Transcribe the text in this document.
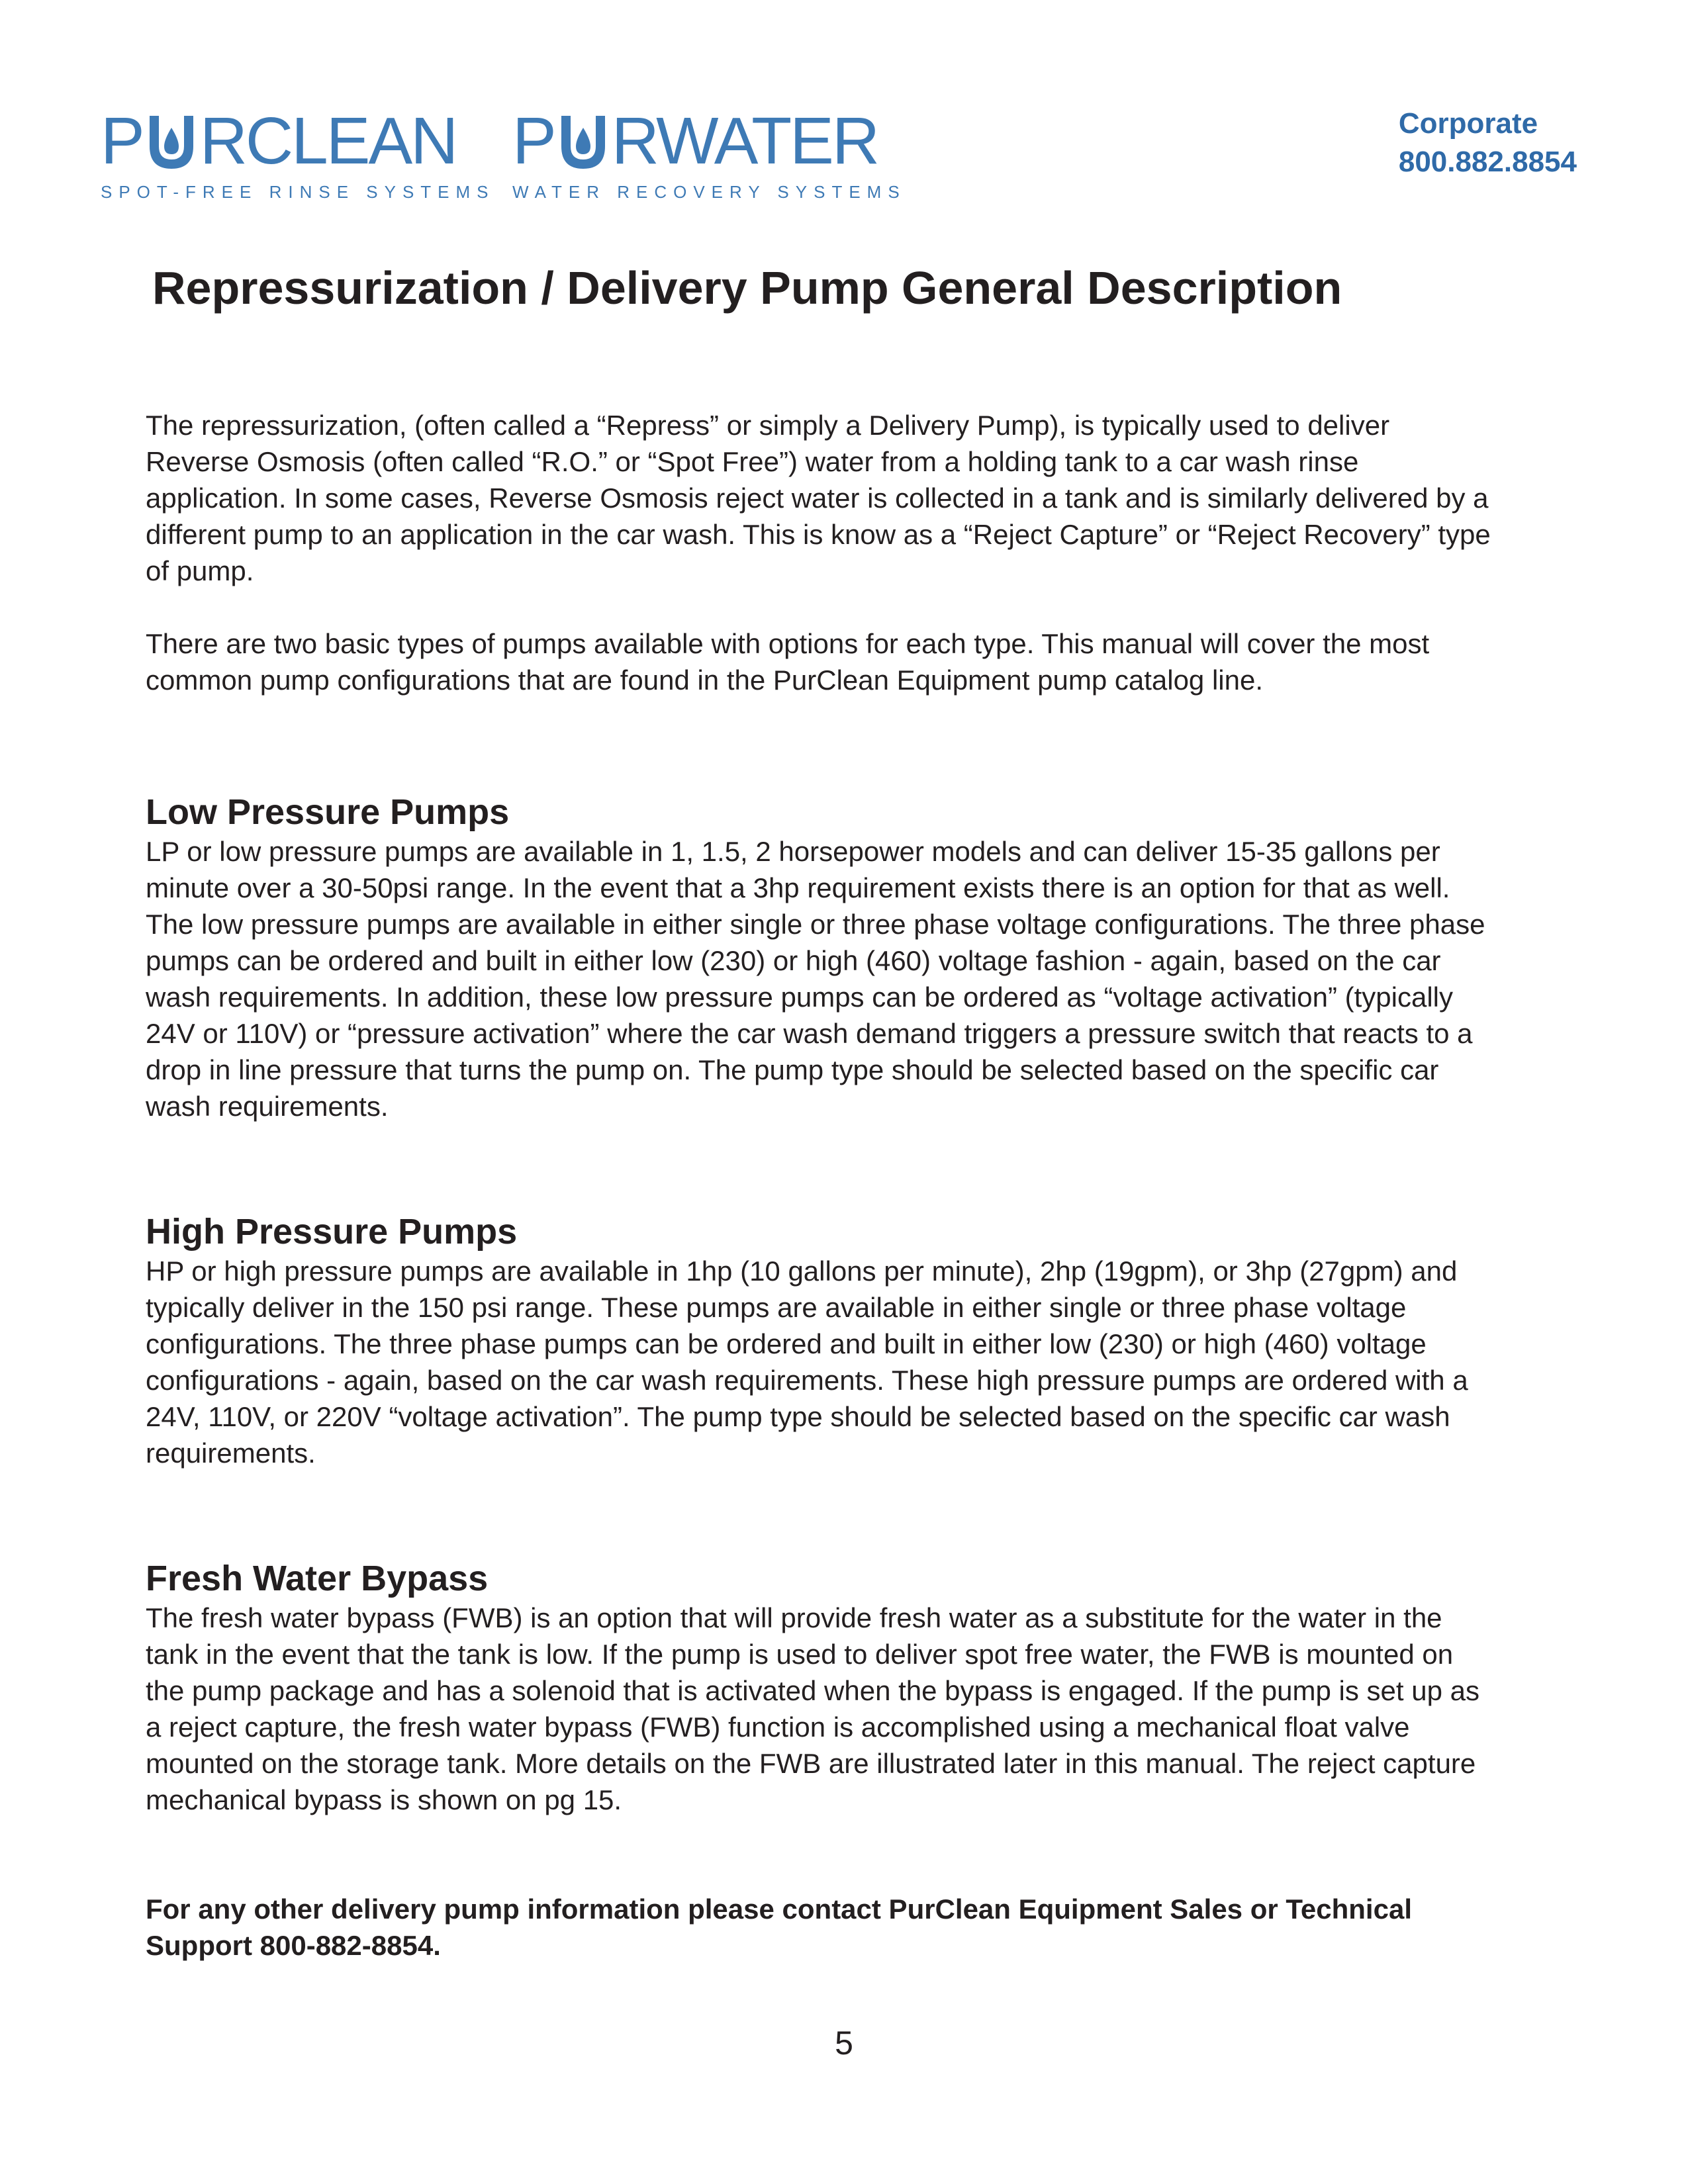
P RCLEAN
SPOT-FREE RINSE SYSTEMS
P RWATER
WATER RECOVERY SYSTEMS
Corporate
800.882.8854
Repressurization / Delivery Pump General Description

The repressurization, (often called a “Repress” or simply a Delivery Pump), is typically used to deliver Reverse Osmosis (often called “R.O.” or “Spot Free”) water from a holding tank to a car wash rinse application. In some cases, Reverse Osmosis reject water is collected in a tank and is similarly delivered by a different pump to an application in the car wash. This is know as a “Reject Capture” or “Reject Recovery” type of pump.

There are two basic types of pumps available with options for each type. This manual will cover the most common pump configurations that are found in the PurClean Equipment pump catalog line.

Low Pressure Pumps

LP or low pressure pumps are available in 1, 1.5, 2 horsepower models and can deliver 15-35 gallons per minute over a 30-50psi range. In the event that a 3hp requirement exists there is an option for that as well. The low pressure pumps are available in either single or three phase voltage configurations. The three phase pumps can be ordered and built in either low (230) or high (460) voltage fashion - again, based on the car wash requirements. In addition, these low pressure pumps can be ordered as “voltage activation” (typically 24V or 110V) or “pressure activation” where the car wash demand triggers a pressure switch that reacts to a drop in line pressure that turns the pump on. The pump type should be selected based on the specific car wash requirements.

High Pressure Pumps

HP or high pressure pumps are available in 1hp (10 gallons per minute), 2hp (19gpm), or 3hp (27gpm) and typically deliver in the 150 psi range. These pumps are available in either single or three phase voltage configurations. The three phase pumps can be ordered and built in either low (230) or high (460) voltage configurations - again, based on the car wash requirements. These high pressure pumps are ordered with a 24V, 110V, or 220V “voltage activation”. The pump type should be selected based on the specific car wash requirements.

Fresh Water Bypass

The fresh water bypass (FWB) is an option that will provide fresh water as a substitute for the water in the tank in the event that the tank is low. If the pump is used to deliver spot free water, the FWB is mounted on the pump package and has a solenoid that is activated when the bypass is engaged. If the pump is set up as a reject capture, the fresh water bypass (FWB) function is accomplished using a mechanical float valve mounted on the storage tank. More details on the FWB are illustrated later in this manual. The reject capture mechanical bypass is shown on pg 15.

For any other delivery pump information please contact PurClean Equipment Sales or Technical Support 800-882-8854.

5
